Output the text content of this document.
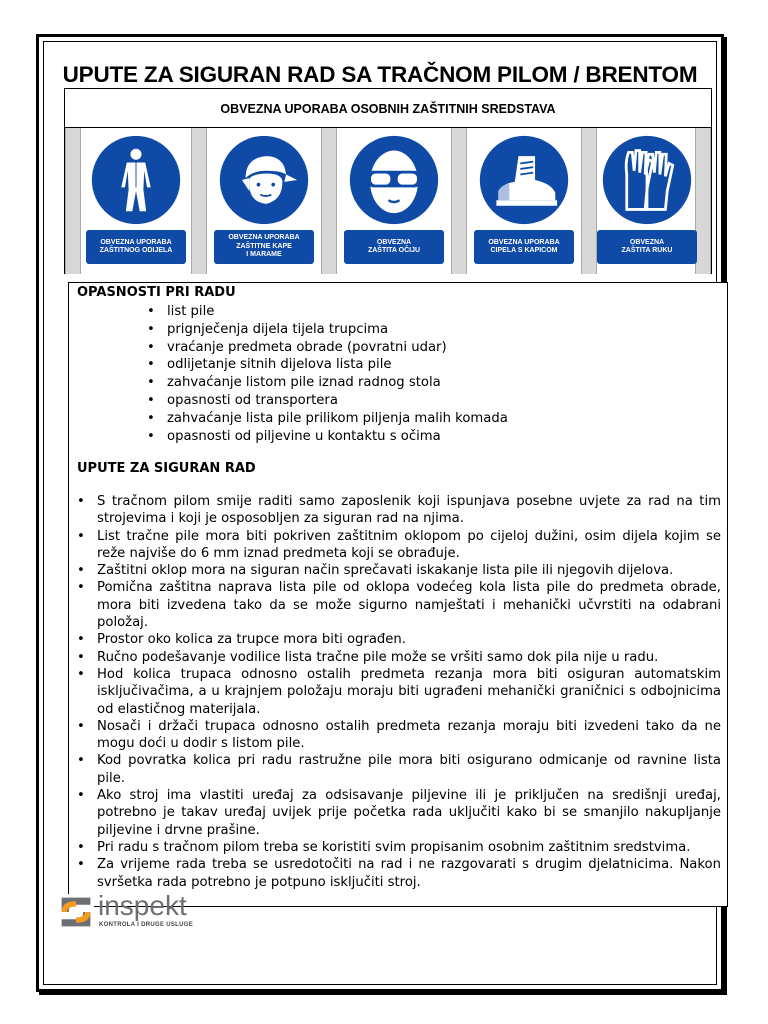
UPUTE ZA SIGURAN RAD SA TRAČNOM PILOM / BRENTOM
OBVEZNA UPORABA OSOBNIH ZAŠTITNIH SREDSTAVA
OBVEZNA UPORABA
ZAŠTITNOG ODIJELA
OBVEZNA UPORABA
ZAŠTITNE KAPE
I MARAME
OBVEZNA
ZAŠTITA OČIJU
OBVEZNA UPORABA
CIPELA S KAPICOM
OBVEZNA
ZAŠTITA RUKU
OPASNOSTI PRI RADU
• list pile
• prignječenja dijela tijela trupcima
• vraćanje predmeta obrade (povratni udar)
• odlijetanje sitnih dijelova lista pile
• zahvaćanje listom pile iznad radnog stola
• opasnosti od transportera
• zahvaćanje lista pile prilikom piljenja malih komada
• opasnosti od piljevine u kontaktu s očima
UPUTE ZA SIGURAN RAD
• S tračnom pilom smije raditi samo zaposlenik koji ispunjava posebne uvjete za rad na tim strojevima i koji je osposobljen za siguran rad na njima.
• List tračne pile mora biti pokriven zaštitnim oklopom po cijeloj dužini, osim dijela kojim se reže najviše do 6 mm iznad predmeta koji se obrađuje.
• Zaštitni oklop mora na siguran način sprečavati iskakanje lista pile ili njegovih dijelova.
• Pomična zaštitna naprava lista pile od oklopa vodećeg kola lista pile do predmeta obrade, mora biti izvedena tako da se može sigurno namještati i mehanički učvrstiti na odabrani položaj.
• Prostor oko kolica za trupce mora biti ograđen.
• Ručno podešavanje vodilice lista tračne pile može se vršiti samo dok pila nije u radu.
• Hod kolica trupaca odnosno ostalih predmeta rezanja mora biti osiguran automatskim isključivačima, a u krajnjem položaju moraju biti ugrađeni mehanički graničnici s odbojnicima od elastičnog materijala.
• Nosači i držači trupaca odnosno ostalih predmeta rezanja moraju biti izvedeni tako da ne mogu doći u dodir s listom pile.
• Kod povratka kolica pri radu rastružne pile mora biti osigurano odmicanje od ravnine lista pile.
• Ako stroj ima vlastiti uređaj za odsisavanje piljevine ili je priključen na središnji uređaj, potrebno je takav uređaj uvijek prije početka rada uključiti kako bi se smanjilo nakupljanje piljevine i drvne prašine.
• Pri radu s tračnom pilom treba se koristiti svim propisanim osobnim zaštitnim sredstvima.
• Za vrijeme rada treba se usredotočiti na rad i ne razgovarati s drugim djelatnicima. Nakon svršetka rada potrebno je potpuno isključiti stroj.
inspekt
KONTROLA I DRUGE USLUGE
